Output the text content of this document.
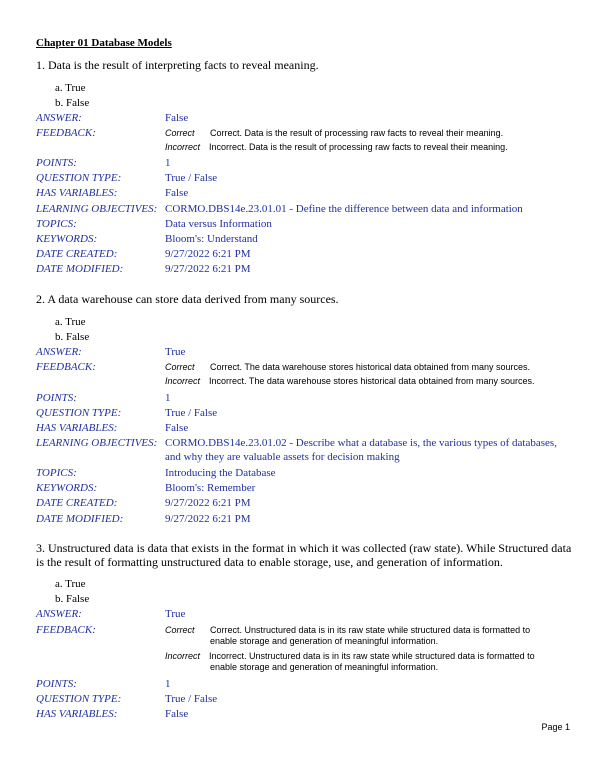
Chapter 01 Database Models
1. Data is the result of interpreting facts to reveal meaning.
a. True
b. False
ANSWER:	False
FEEDBACK:	Correct Correct. Data is the result of processing raw facts to reveal their meaning.
Incorrect Incorrect. Data is the result of processing raw facts to reveal their meaning.
POINTS:	1
QUESTION TYPE:	True / False
HAS VARIABLES:	False
LEARNING OBJECTIVES: CORMO.DBS14e.23.01.01 - Define the difference between data and information
TOPICS:	Data versus Information
KEYWORDS:	Bloom's: Understand
DATE CREATED:	9/27/2022 6:21 PM
DATE MODIFIED:	9/27/2022 6:21 PM
2. A data warehouse can store data derived from many sources.
a. True
b. False
ANSWER:	True
FEEDBACK:	Correct Correct. The data warehouse stores historical data obtained from many sources.
Incorrect Incorrect. The data warehouse stores historical data obtained from many sources.
POINTS:	1
QUESTION TYPE:	True / False
HAS VARIABLES:	False
LEARNING OBJECTIVES: CORMO.DBS14e.23.01.02 - Describe what a database is, the various types of databases,
and why they are valuable assets for decision making
TOPICS:	Introducing the Database
KEYWORDS:	Bloom's: Remember
DATE CREATED:	9/27/2022 6:21 PM
DATE MODIFIED:	9/27/2022 6:21 PM
3. Unstructured data is data that exists in the format in which it was collected (raw state). While Structured data
is the result of formatting unstructured data to enable storage, use, and generation of information.
a. True
b. False
ANSWER:	True
FEEDBACK:	Correct Correct. Unstructured data is in its raw state while structured data is formatted to
enable storage and generation of meaningful information.
Incorrect Incorrect. Unstructured data is in its raw state while structured data is formatted to
enable storage and generation of meaningful information.
POINTS:	1
QUESTION TYPE:	True / False
HAS VARIABLES:	False
Page 1
